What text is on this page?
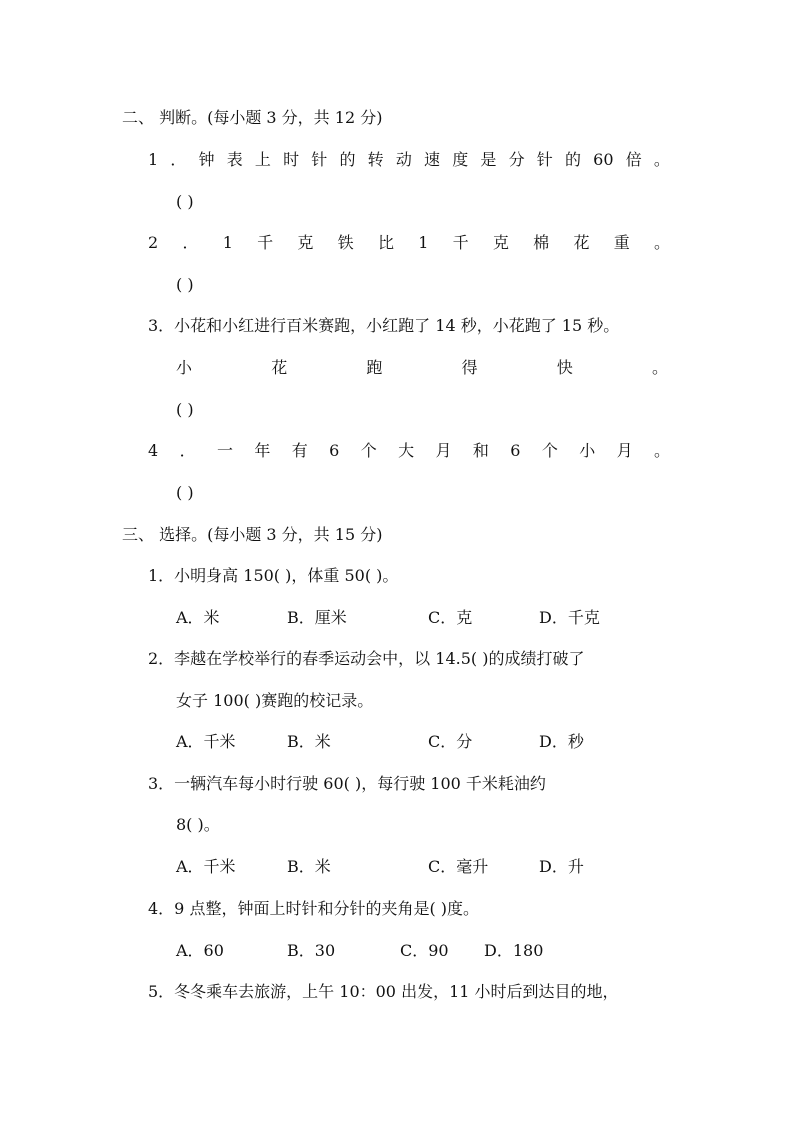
二、 判断。(每小题 3 分，共 12 分)
1 ． 钟 表 上 时 针 的 转 动 速 度 是 分 针 的 60 倍 。
( )
2 ． 1 千 克 铁 比 1 千 克 棉 花 重 。
( )
3．小花和小红进行百米赛跑，小红跑了 14 秒，小花跑了 15 秒。
小	花	跑	得	快	。
( )
4 ． 一 年 有 6 个 大 月 和 6 个 小 月 。
( )
三、 选择。(每小题 3 分，共 15 分)
1．小明身高 150( )，体重 50( )。
A．米	B．厘米	C．克	D．千克
2．李越在学校举行的春季运动会中，以 14.5( )的成绩打破了
女子 100( )赛跑的校记录。
A．千米	B．米	C．分	D．秒
3．一辆汽车每小时行驶 60( )，每行驶 100 千米耗油约
8( )。
A．千米	B．米	C．毫升	D．升
4．9 点整，钟面上时针和分针的夹角是( )度。
A．60	B．30	C．90 D．180
5．冬冬乘车去旅游，上午 10：00 出发，11 小时后到达目的地，
